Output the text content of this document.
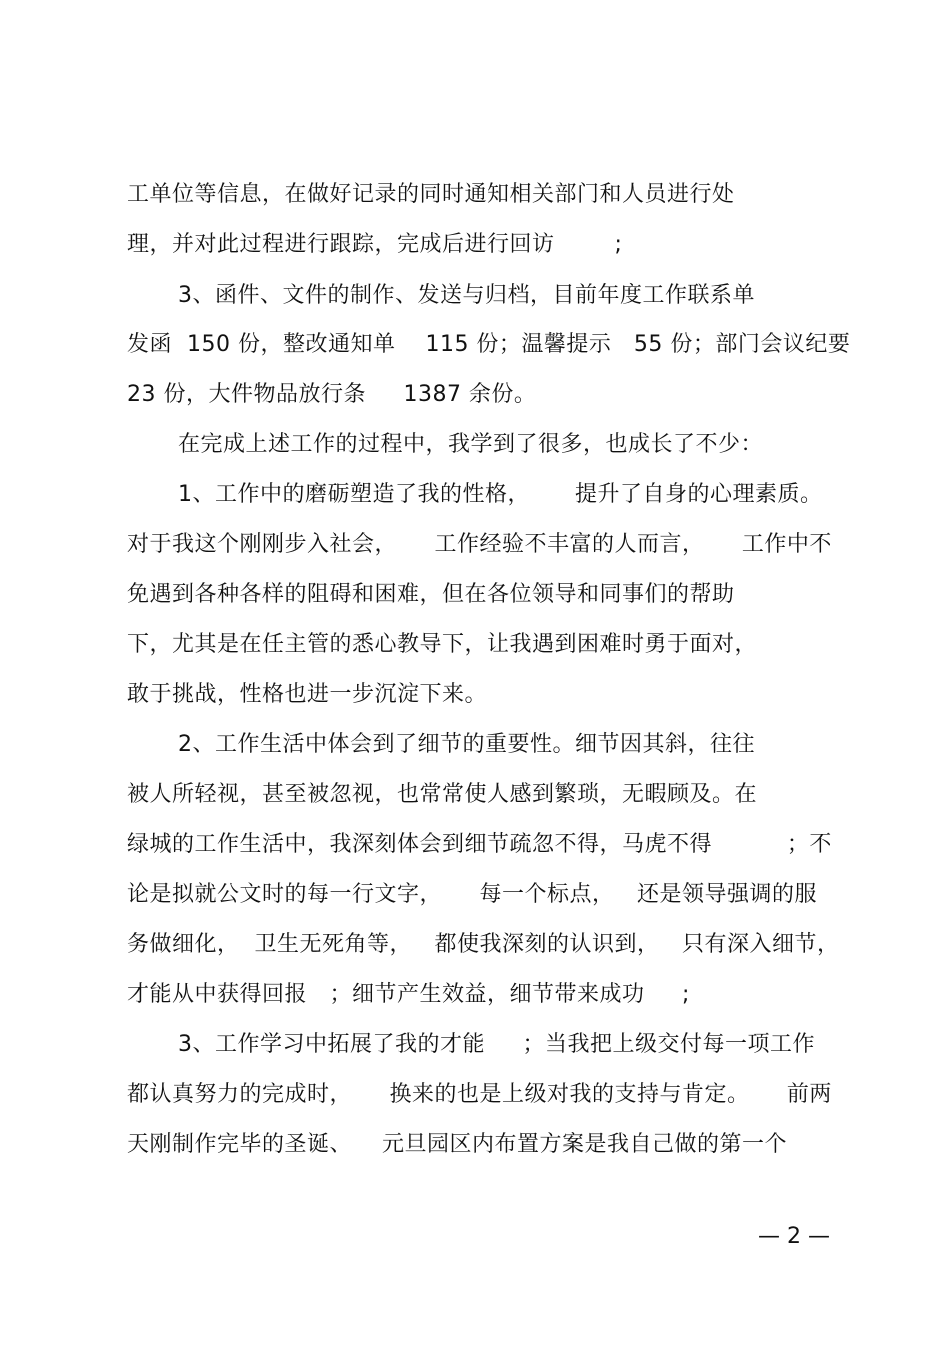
工单位等信息，在做好记录的同时通知相关部门和人员进行处
理，并对此过程进行跟踪，完成后进行回访        ;
3、函件、文件的制作、发送与归档，目前年度工作联系单
发函  150 份，整改通知单    115 份；温馨提示   55 份；部门会议纪要
23 份，大件物品放行条     1387 余份。
在完成上述工作的过程中，我学到了很多，也成长了不少：
1、工作中的磨砺塑造了我的性格，      提升了自身的心理素质。
对于我这个刚刚步入社会，     工作经验不丰富的人而言，     工作中不
免遇到各种各样的阻碍和困难，但在各位领导和同事们的帮助
下，尤其是在任主管的悉心教导下，让我遇到困难时勇于面对，
敢于挑战，性格也进一步沉淀下来。
2、工作生活中体会到了细节的重要性。细节因其斜，往往
被人所轻视，甚至被忽视，也常常使人感到繁琐，无暇顾及。在
绿城的工作生活中，我深刻体会到细节疏忽不得，马虎不得          ；不
论是拟就公文时的每一行文字，     每一个标点，   还是领导强调的服
务做细化，  卫生无死角等，   都使我深刻的认识到，   只有深入细节，
才能从中获得回报   ；细节产生效益，细节带来成功     ;
3、工作学习中拓展了我的才能     ；当我把上级交付每一项工作
都认真努力的完成时，     换来的也是上级对我的支持与肯定。     前两
天刚制作完毕的圣诞、    元旦园区内布置方案是我自己做的第一个
— 2 —
